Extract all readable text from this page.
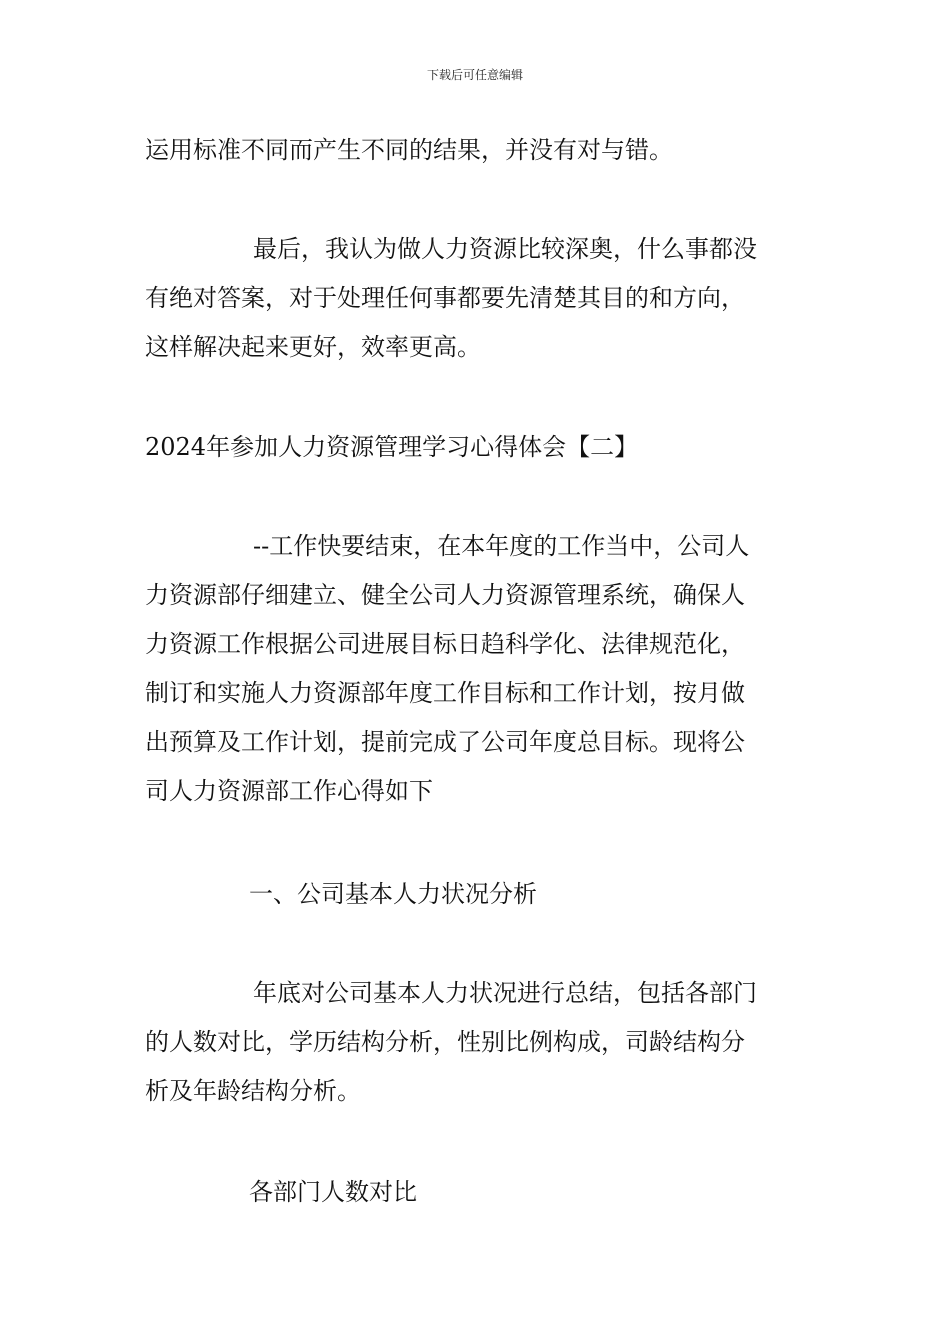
下载后可任意编辑
运用标准不同而产生不同的结果，并没有对与错。
最后，我认为做人力资源比较深奥，什么事都没
有绝对答案，对于处理任何事都要先清楚其目的和方向，
这样解决起来更好，效率更高。
2024年参加人力资源管理学习心得体会【二】
--工作快要结束，在本年度的工作当中，公司人
力资源部仔细建立、健全公司人力资源管理系统，确保人
力资源工作根据公司进展目标日趋科学化、法律规范化，
制订和实施人力资源部年度工作目标和工作计划，按月做
出预算及工作计划，提前完成了公司年度总目标。现将公
司人力资源部工作心得如下
一、公司基本人力状况分析
年底对公司基本人力状况进行总结，包括各部门
的人数对比，学历结构分析，性别比例构成，司龄结构分
析及年龄结构分析。
各部门人数对比
